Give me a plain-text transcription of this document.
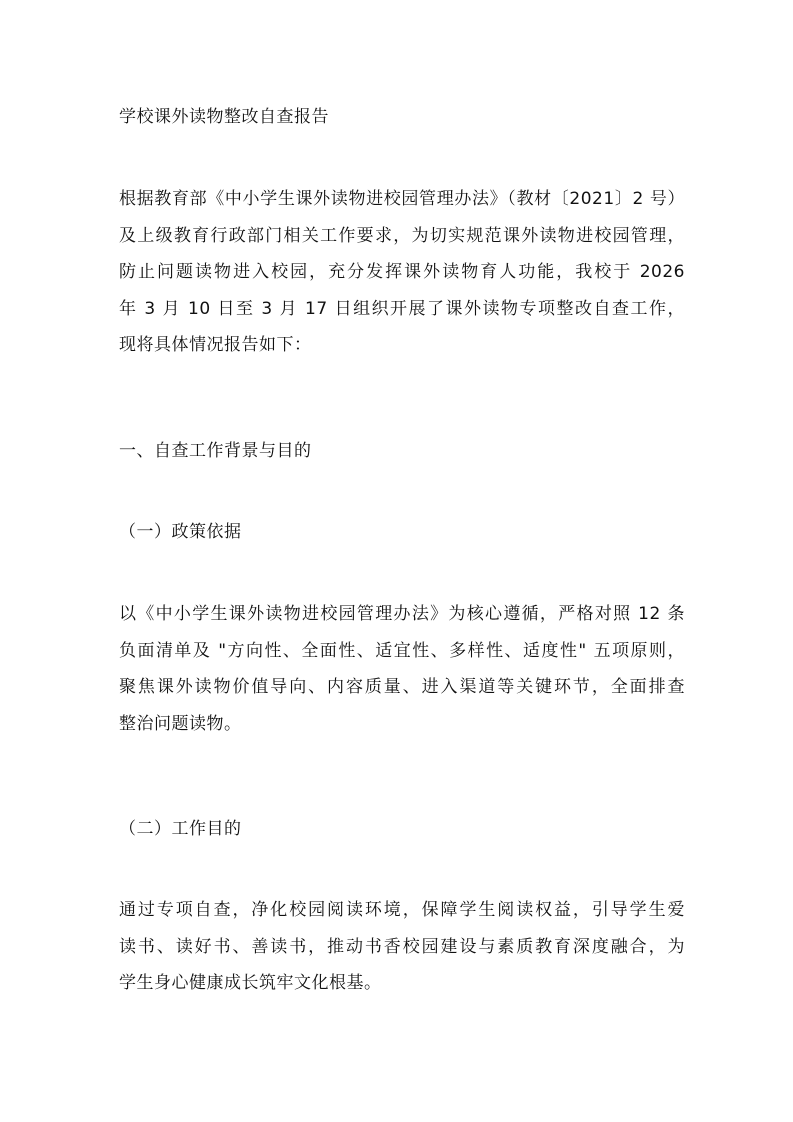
学校课外读物整改自查报告

根据教育部《中小学生课外读物进校园管理办法》（教材〔2021〕2 号）
及上级教育行政部门相关工作要求，为切实规范课外读物进校园管理，
防止问题读物进入校园，充分发挥课外读物育人功能，我校于 2026
年 3 月 10 日至 3 月 17 日组织开展了课外读物专项整改自查工作，
现将具体情况报告如下：

一、自查工作背景与目的

（一）政策依据

以《中小学生课外读物进校园管理办法》为核心遵循，严格对照 12 条
负面清单及 "方向性、全面性、适宜性、多样性、适度性" 五项原则，
聚焦课外读物价值导向、内容质量、进入渠道等关键环节，全面排查
整治问题读物。

（二）工作目的

通过专项自查，净化校园阅读环境，保障学生阅读权益，引导学生爱
读书、读好书、善读书，推动书香校园建设与素质教育深度融合，为
学生身心健康成长筑牢文化根基。
